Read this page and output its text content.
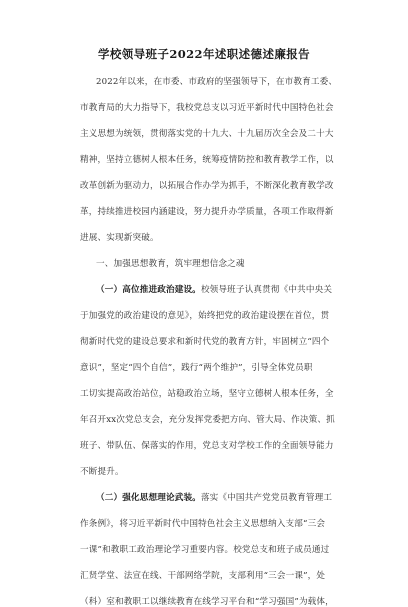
学校领导班子2022年述职述德述廉报告
2022年以来，在市委、市政府的坚强领导下，在市教育工委、
市教育局的大力指导下，我校党总支以习近平新时代中国特色社会
主义思想为统领，贯彻落实党的十九大、十九届历次全会及二十大
精神，坚持立德树人根本任务，统筹疫情防控和教育教学工作，以
改革创新为驱动力，以拓展合作办学为抓手，不断深化教育教学改
革，持续推进校园内涵建设，努力提升办学质量，各项工作取得新
进展、实现新突破。
一、加强思想教育，筑牢理想信念之魂
（一）高位推进政治建设。校领导班子认真贯彻《中共中央关
于加强党的政治建设的意见》，始终把党的政治建设摆在首位，贯
彻新时代党的建设总要求和新时代党的教育方针，牢固树立“四个
意识”，坚定“四个自信”，践行“两个维护”，引导全体党员职
工切实提高政治站位，站稳政治立场，坚守立德树人根本任务，全
年召开xx次党总支会，充分发挥党委把方向、管大局、作决策、抓
班子、带队伍、保落实的作用，党总支对学校工作的全面领导能力
不断提升。
（二）强化思想理论武装。落实《中国共产党党员教育管理工
作条例》，将习近平新时代中国特色社会主义思想纳入支部“三会
一课”和教职工政治理论学习重要内容。校党总支和班子成员通过
汇贤学堂、法宣在线、干部网络学院，支部利用“三会一课”，处
（科）室和教职工以继续教育在线学习平台和“学习强国”为载体，
